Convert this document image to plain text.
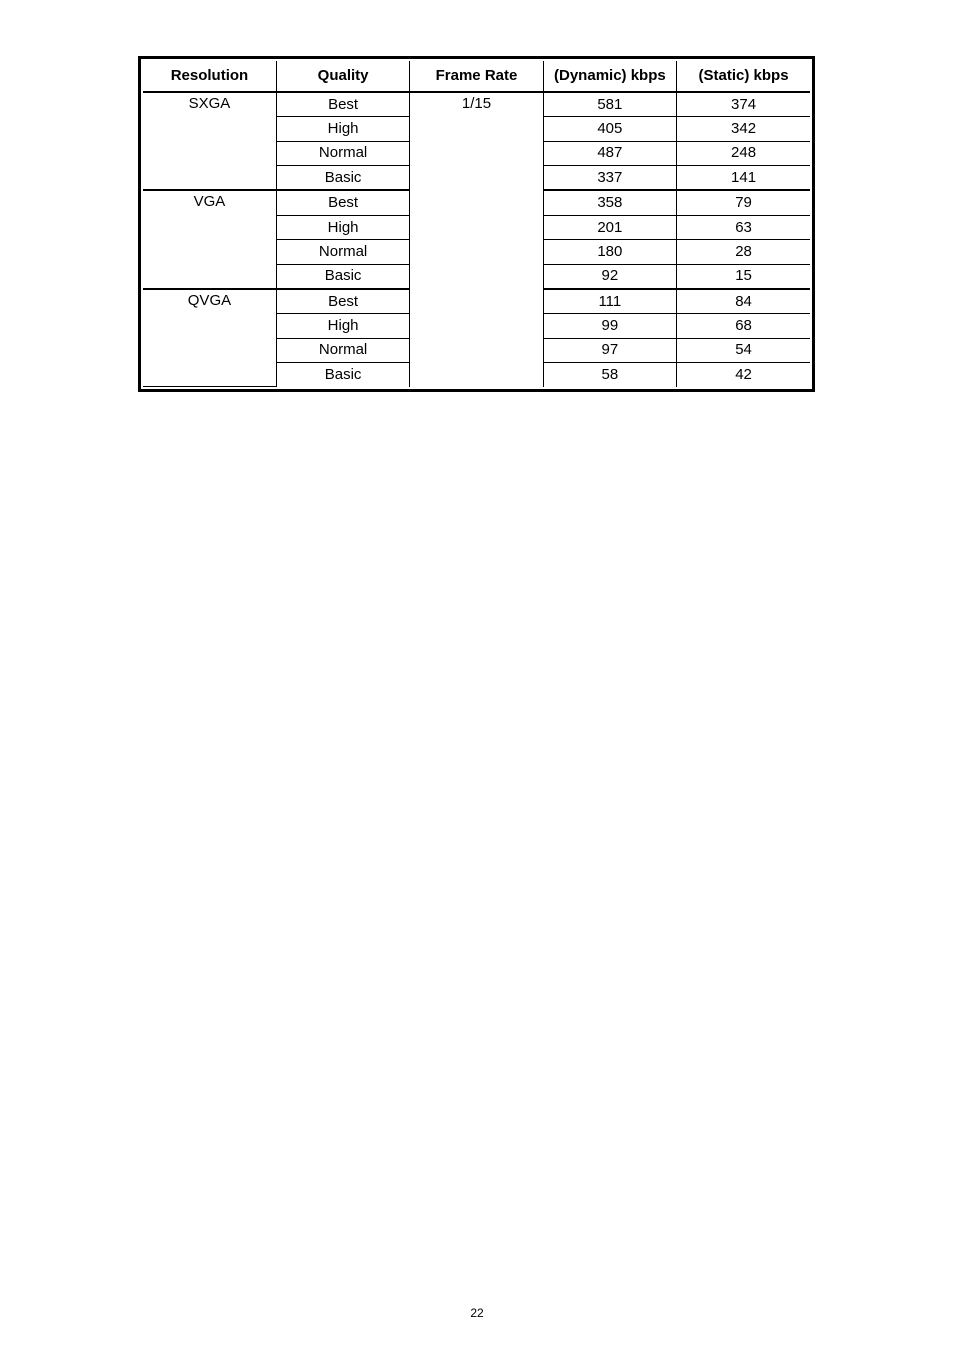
Resolution	Quality	Frame Rate	(Dynamic) kbps	(Static) kbps
SXGA	Best	1/15	581	374
	High		405	342
	Normal		487	248
	Basic		337	141
VGA	Best		358	79
	High		201	63
	Normal		180	28
	Basic		92	15
QVGA	Best		111	84
	High		99	68
	Normal		97	54
	Basic		58	42
22
